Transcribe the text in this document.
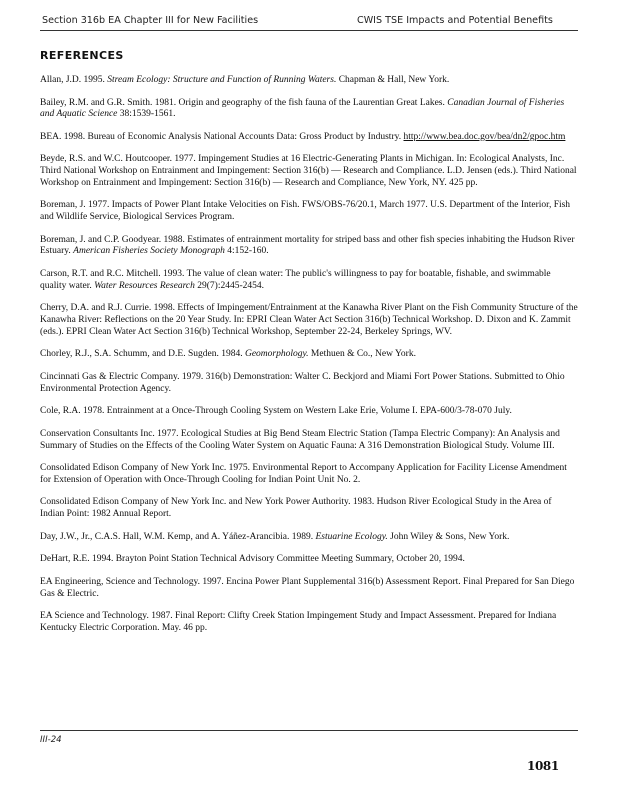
Section 316b EA Chapter III for New Facilities	CWIS TSE Impacts and Potential Benefits
REFERENCES

Allan, J.D. 1995. Stream Ecology: Structure and Function of Running Waters. Chapman & Hall, New York.

Bailey, R.M. and G.R. Smith. 1981. Origin and geography of the fish fauna of the Laurentian Great Lakes. Canadian Journal of Fisheries and Aquatic Science 38:1539-1561.

BEA. 1998. Bureau of Economic Analysis National Accounts Data: Gross Product by Industry. http://www.bea.doc.gov/bea/dn2/gpoc.htm

Beyde, R.S. and W.C. Houtcooper. 1977. Impingement Studies at 16 Electric-Generating Plants in Michigan. In: Ecological Analysts, Inc. Third National Workshop on Entrainment and Impingement: Section 316(b) — Research and Compliance. L.D. Jensen (eds.). Third National Workshop on Entrainment and Impingement: Section 316(b) — Research and Compliance, New York, NY. 425 pp.

Boreman, J. 1977. Impacts of Power Plant Intake Velocities on Fish. FWS/OBS-76/20.1, March 1977. U.S. Department of the Interior, Fish and Wildlife Service, Biological Services Program.

Boreman, J. and C.P. Goodyear. 1988. Estimates of entrainment mortality for striped bass and other fish species inhabiting the Hudson River Estuary. American Fisheries Society Monograph 4:152-160.

Carson, R.T. and R.C. Mitchell. 1993. The value of clean water: The public's willingness to pay for boatable, fishable, and swimmable quality water. Water Resources Research 29(7):2445-2454.

Cherry, D.A. and R.J. Currie. 1998. Effects of Impingement/Entrainment at the Kanawha River Plant on the Fish Community Structure of the Kanawha River: Reflections on the 20 Year Study. In: EPRI Clean Water Act Section 316(b) Technical Workshop. D. Dixon and K. Zammit (eds.). EPRI Clean Water Act Section 316(b) Technical Workshop, September 22-24, Berkeley Springs, WV.

Chorley, R.J., S.A. Schumm, and D.E. Sugden. 1984. Geomorphology. Methuen & Co., New York.

Cincinnati Gas & Electric Company. 1979. 316(b) Demonstration: Walter C. Beckjord and Miami Fort Power Stations. Submitted to Ohio Environmental Protection Agency.

Cole, R.A. 1978. Entrainment at a Once-Through Cooling System on Western Lake Erie, Volume I. EPA-600/3-78-070 July.

Conservation Consultants Inc. 1977. Ecological Studies at Big Bend Steam Electric Station (Tampa Electric Company): An Analysis and Summary of Studies on the Effects of the Cooling Water System on Aquatic Fauna: A 316 Demonstration Biological Study. Volume III.

Consolidated Edison Company of New York Inc. 1975. Environmental Report to Accompany Application for Facility License Amendment for Extension of Operation with Once-Through Cooling for Indian Point Unit No. 2.

Consolidated Edison Company of New York Inc. and New York Power Authority. 1983. Hudson River Ecological Study in the Area of Indian Point: 1982 Annual Report.

Day, J.W., Jr., C.A.S. Hall, W.M. Kemp, and A. Yáñez-Arancibia. 1989. Estuarine Ecology. John Wiley & Sons, New York.

DeHart, R.E. 1994. Brayton Point Station Technical Advisory Committee Meeting Summary, October 20, 1994.

EA Engineering, Science and Technology. 1997. Encina Power Plant Supplemental 316(b) Assessment Report. Final Prepared for San Diego Gas & Electric.

EA Science and Technology. 1987. Final Report: Clifty Creek Station Impingement Study and Impact Assessment. Prepared for Indiana Kentucky Electric Corporation. May. 46 pp.

III-24
1081
